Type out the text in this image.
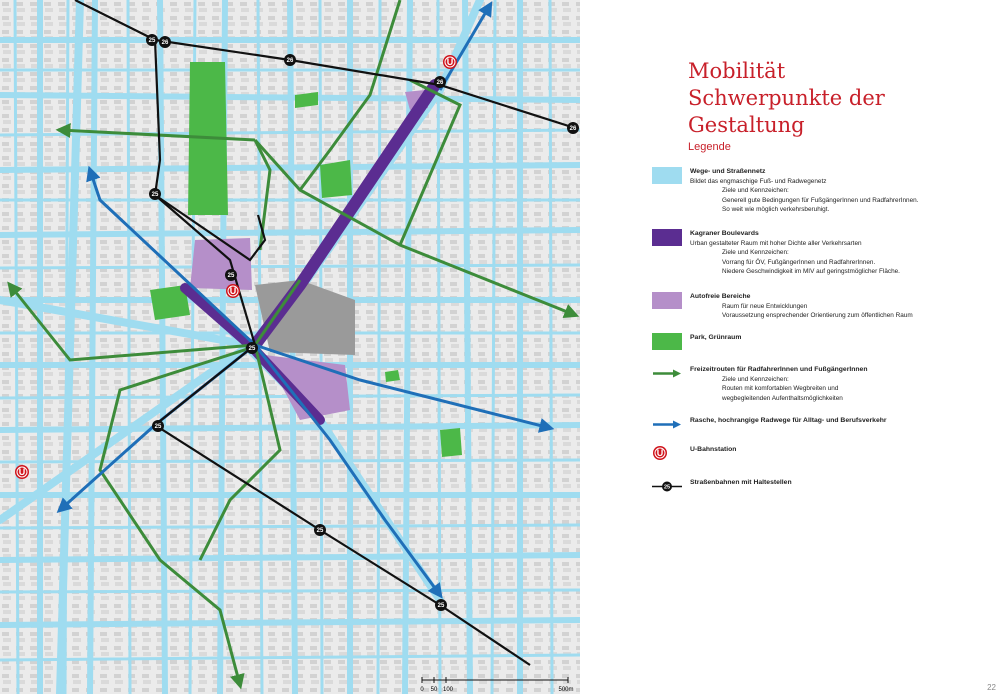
25 26
26
26
26
25
25
25
25
25
25
U
U
U
0 50 100	500m
Mobilität
Schwerpunkte der Gestaltung
Legende
Wege- und Straßennetz
Bildet das engmaschige Fuß- und Radwegenetz
Ziele und Kennzeichen:
Generell gute Bedingungen für FußgängerInnen und RadfahrerInnen.
So weit wie möglich verkehrsberuhigt.
Kagraner Boulevards
Urban gestalteter Raum mit hoher Dichte aller Verkehrsarten
Ziele und Kennzeichen:
Vorrang für ÖV, FußgängerInnen und RadfahrerInnen.
Niedere Geschwindigkeit im MIV auf geringstmöglicher Fläche.
Autofreie Bereiche
Raum für neue Entwicklungen
Voraussetzung ensprechender Orientierung zum öffentlichen Raum
Park, Grünraum
Freizeitrouten für RadfahrerInnen und FußgängerInnen
Ziele und Kennzeichen:
Routen mit komfortablen Wegbreiten und
wegbegleitenden Aufenthaltsmöglichkeiten
Rasche, hochrangige Radwege für Alltag- und Berufsverkehr
U	U-Bahnstation
25
Straßenbahnen mit Haltestellen
22
